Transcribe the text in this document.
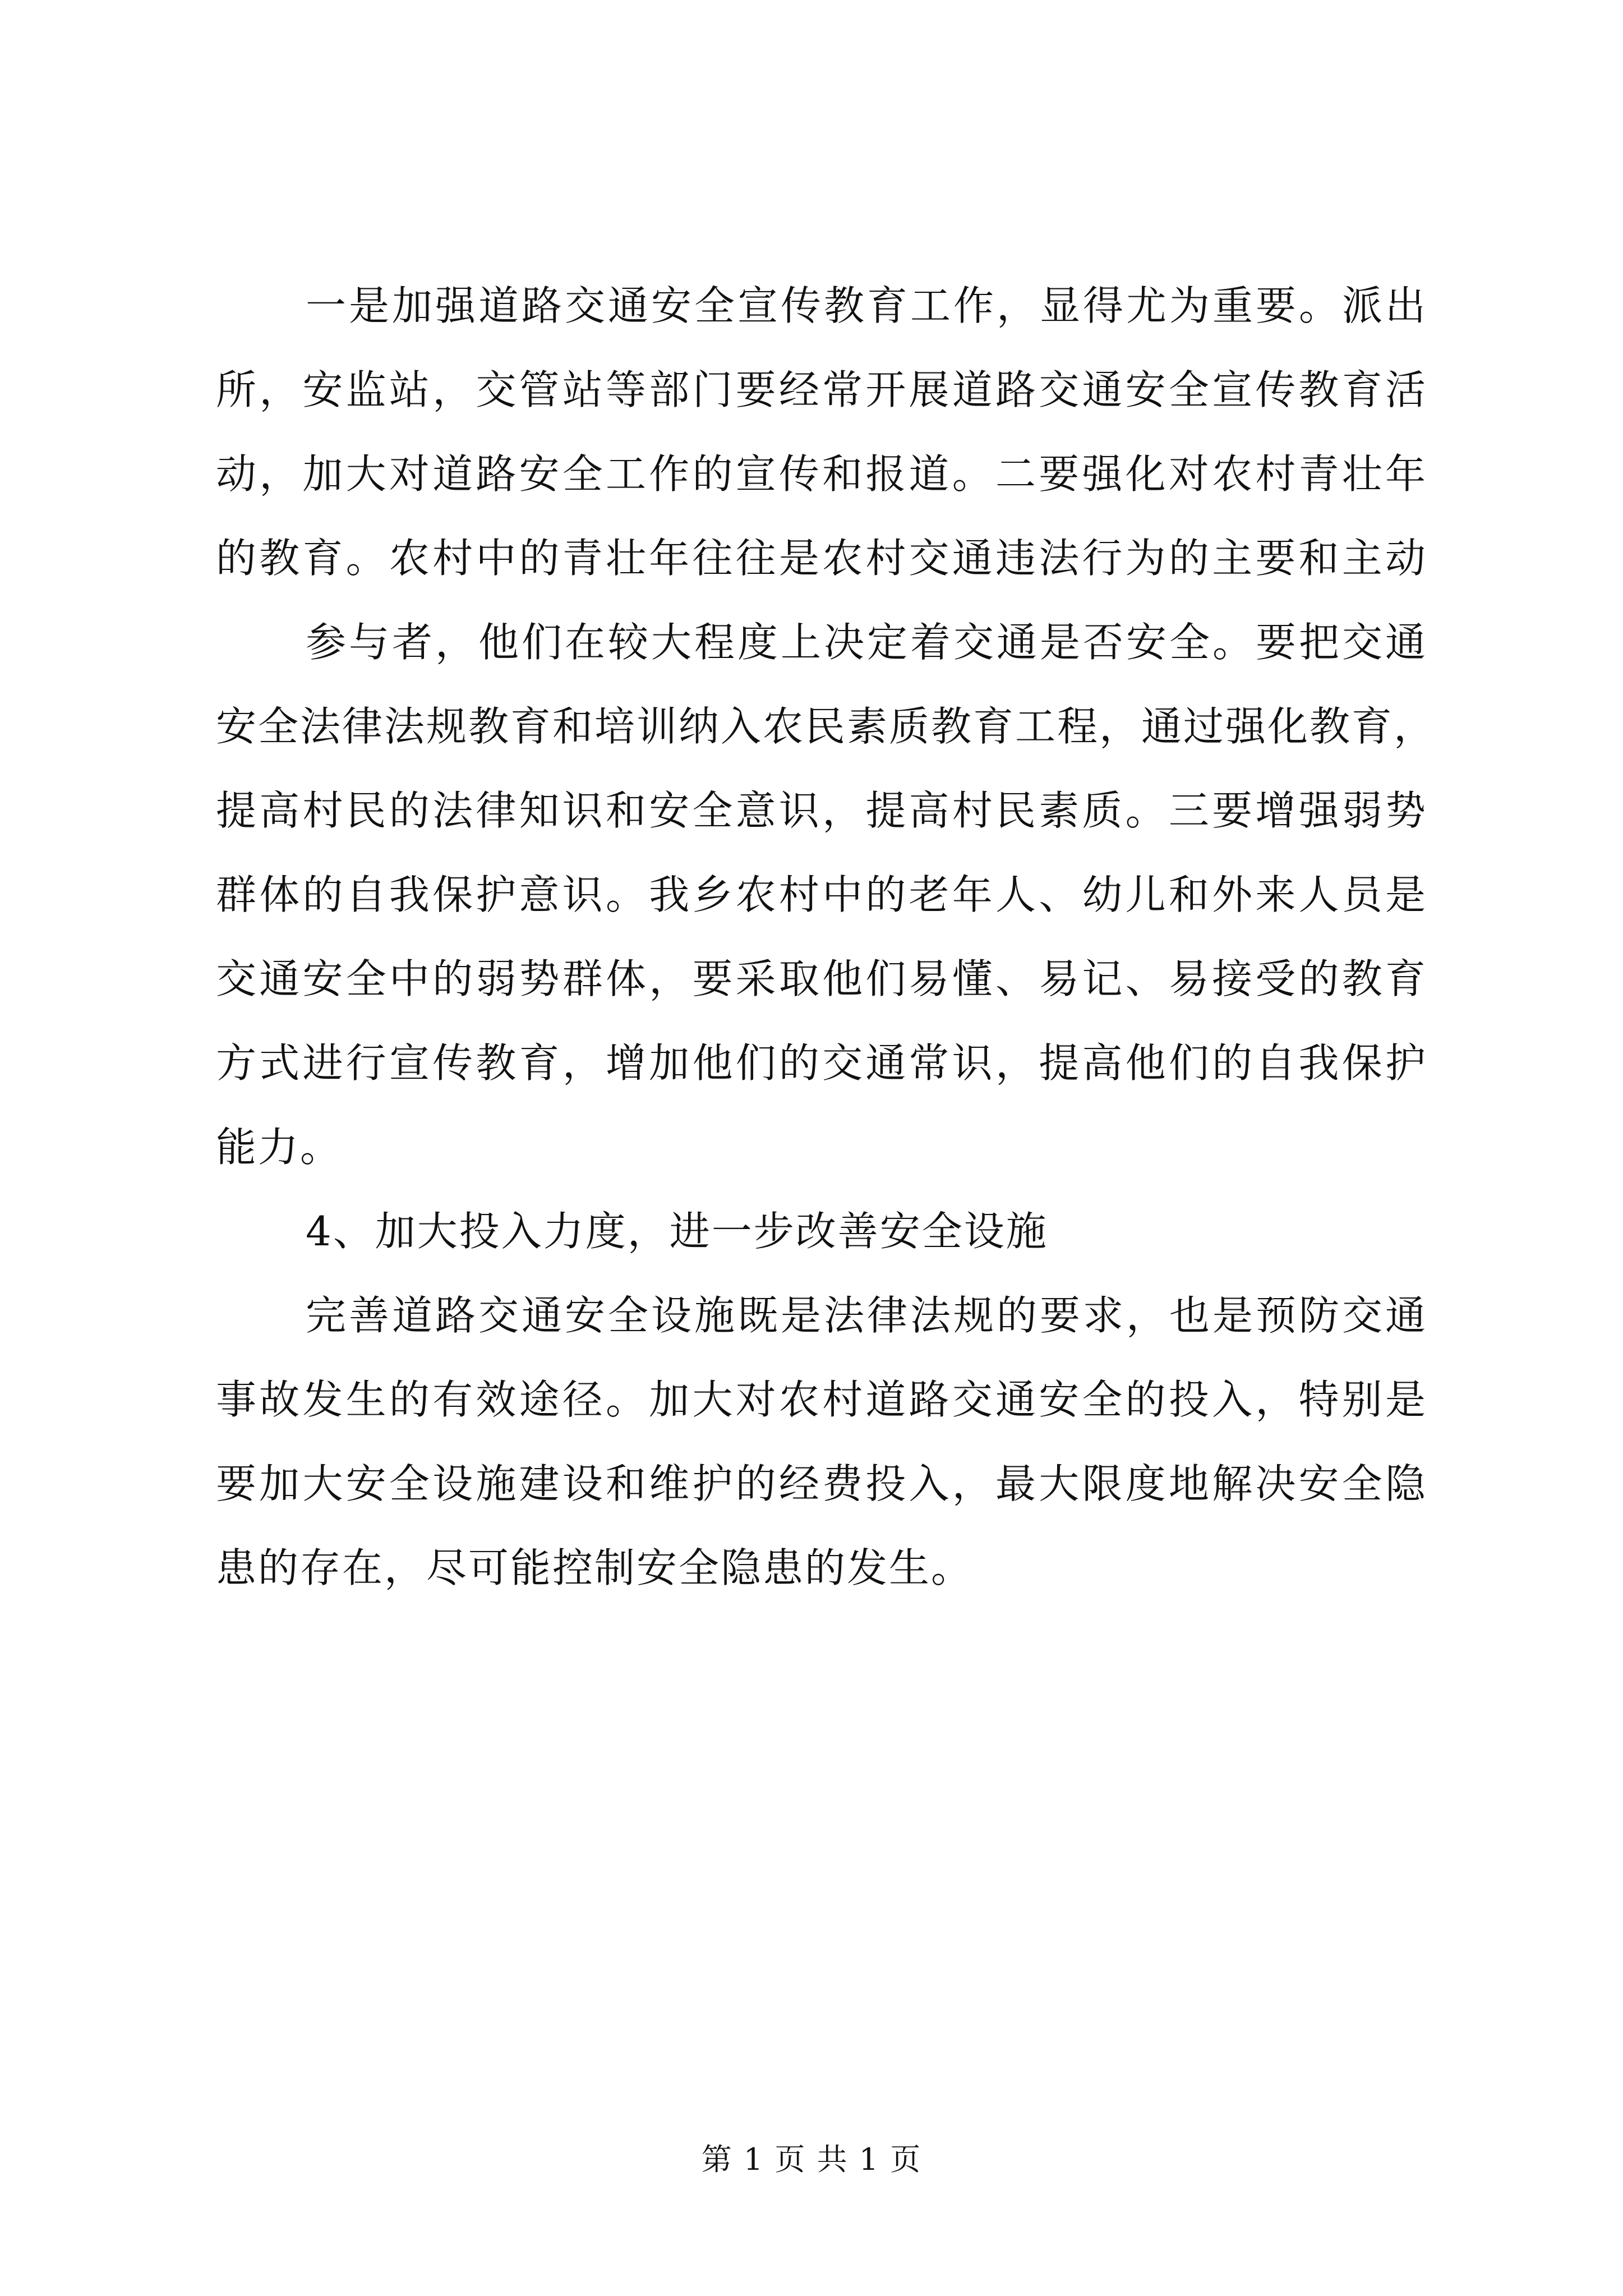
一是加强道路交通安全宣传教育工作，显得尤为重要。派出
所，安监站，交管站等部门要经常开展道路交通安全宣传教育活
动，加大对道路安全工作的宣传和报道。二要强化对农村青壮年
的教育。农村中的青壮年往往是农村交通违法行为的主要和主动
参与者，他们在较大程度上决定着交通是否安全。要把交通
安全法律法规教育和培训纳入农民素质教育工程，通过强化教育，
提高村民的法律知识和安全意识，提高村民素质。三要增强弱势
群体的自我保护意识。我乡农村中的老年人、幼儿和外来人员是
交通安全中的弱势群体，要采取他们易懂、易记、易接受的教育
方式进行宣传教育，增加他们的交通常识，提高他们的自我保护
能力。
4、加大投入力度，进一步改善安全设施
完善道路交通安全设施既是法律法规的要求，也是预防交通
事故发生的有效途径。加大对农村道路交通安全的投入，特别是
要加大安全设施建设和维护的经费投入，最大限度地解决安全隐
患的存在，尽可能控制安全隐患的发生。
第 1 页 共 1 页
